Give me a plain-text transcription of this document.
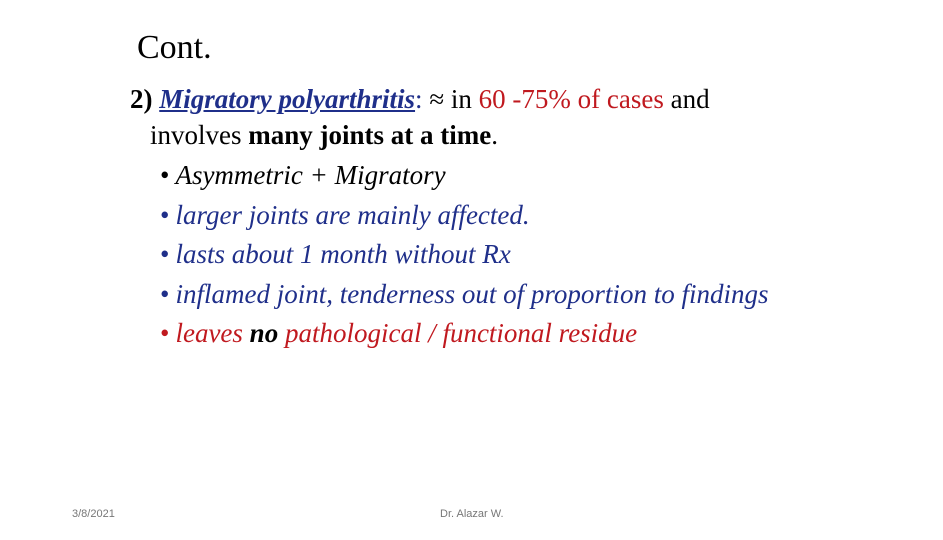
Cont.
2) Migratory polyarthritis: ≈ in 60 -75% of cases and
involves many joints at a time.
• Asymmetric + Migratory
• larger joints are mainly affected.
• lasts about 1 month without Rx
• inflamed joint, tenderness out of proportion to findings
• leaves no pathological / functional residue
3/8/2021	Dr. Alazar W.
